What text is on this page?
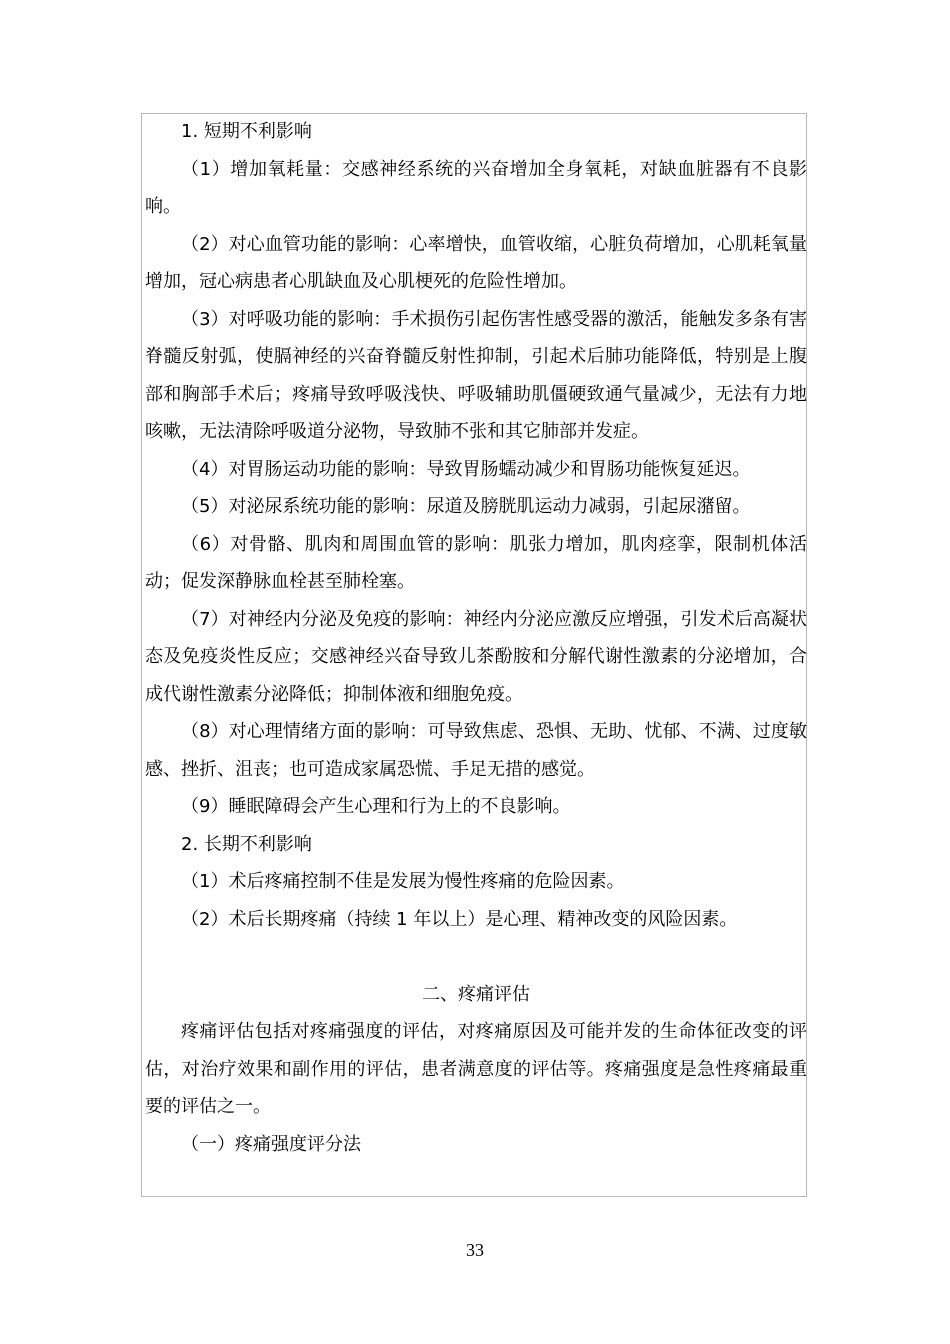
1. 短期不利影响

（1）增加氧耗量：交感神经系统的兴奋增加全身氧耗，对缺血脏器有不良影响。

（2）对心血管功能的影响：心率增快，血管收缩，心脏负荷增加，心肌耗氧量增加，冠心病患者心肌缺血及心肌梗死的危险性增加。

（3）对呼吸功能的影响：手术损伤引起伤害性感受器的激活，能触发多条有害脊髓反射弧，使膈神经的兴奋脊髓反射性抑制，引起术后肺功能降低，特别是上腹部和胸部手术后；疼痛导致呼吸浅快、呼吸辅助肌僵硬致通气量减少，无法有力地咳嗽，无法清除呼吸道分泌物，导致肺不张和其它肺部并发症。

（4）对胃肠运动功能的影响：导致胃肠蠕动减少和胃肠功能恢复延迟。

（5）对泌尿系统功能的影响：尿道及膀胱肌运动力减弱，引起尿潴留。

（6）对骨骼、肌肉和周围血管的影响：肌张力增加，肌肉痉挛，限制机体活动；促发深静脉血栓甚至肺栓塞。

（7）对神经内分泌及免疫的影响：神经内分泌应激反应增强，引发术后高凝状态及免疫炎性反应；交感神经兴奋导致儿茶酚胺和分解代谢性激素的分泌增加，合成代谢性激素分泌降低；抑制体液和细胞免疫。

（8）对心理情绪方面的影响：可导致焦虑、恐惧、无助、忧郁、不满、过度敏感、挫折、沮丧；也可造成家属恐慌、手足无措的感觉。

（9）睡眠障碍会产生心理和行为上的不良影响。

2. 长期不利影响

（1）术后疼痛控制不佳是发展为慢性疼痛的危险因素。

（2）术后长期疼痛（持续 1 年以上）是心理、精神改变的风险因素。

二、疼痛评估

疼痛评估包括对疼痛强度的评估，对疼痛原因及可能并发的生命体征改变的评估，对治疗效果和副作用的评估，患者满意度的评估等。疼痛强度是急性疼痛最重要的评估之一。

（一）疼痛强度评分法

33
